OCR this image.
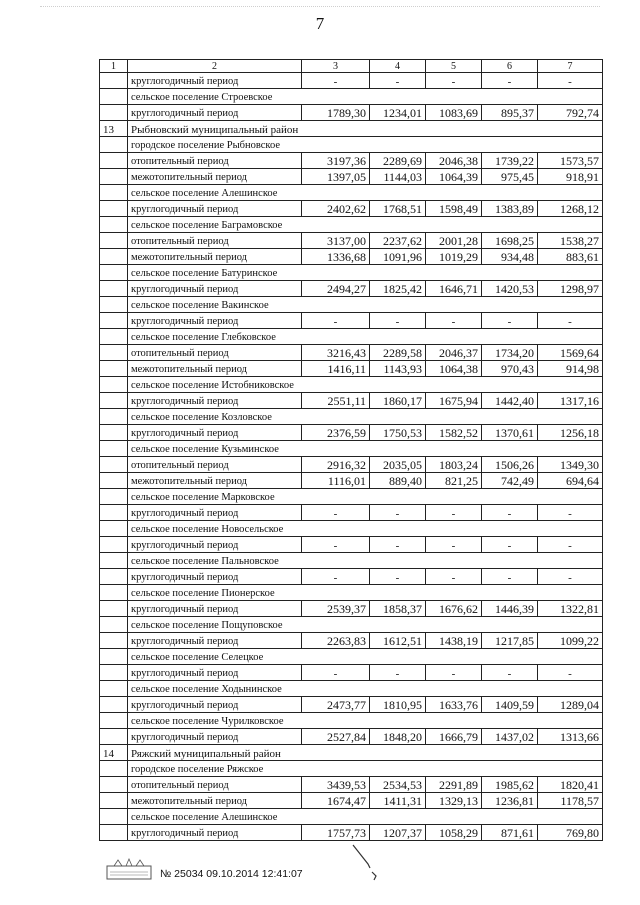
7
1	2	3	4	5	6	7
	круглогодичный период	-	-	-	-	-
	сельское поселение Строевское					
	круглогодичный период	1789,30	1234,01	1083,69	895,37	792,74
13	Рыбновский муниципальный район					
	городское поселение Рыбновское					
	отопительный период	3197,36	2289,69	2046,38	1739,22	1573,57
	межотопительный период	1397,05	1144,03	1064,39	975,45	918,91
	сельское поселение Алешинское					
	круглогодичный период	2402,62	1768,51	1598,49	1383,89	1268,12
	сельское поселение Баграмовское					
	отопительный период	3137,00	2237,62	2001,28	1698,25	1538,27
	межотопительный период	1336,68	1091,96	1019,29	934,48	883,61
	сельское поселение Батуринское					
	круглогодичный период	2494,27	1825,42	1646,71	1420,53	1298,97
	сельское поселение Вакинское					
	круглогодичный период	-	-	-	-	-
	сельское поселение Глебковское					
	отопительный период	3216,43	2289,58	2046,37	1734,20	1569,64
	межотопительный период	1416,11	1143,93	1064,38	970,43	914,98
	сельское поселение Истобниковское					
	круглогодичный период	2551,11	1860,17	1675,94	1442,40	1317,16
	сельское поселение Козловское					
	круглогодичный период	2376,59	1750,53	1582,52	1370,61	1256,18
	сельское поселение Кузьминское					
	отопительный период	2916,32	2035,05	1803,24	1506,26	1349,30
	межотопительный период	1116,01	889,40	821,25	742,49	694,64
	сельское поселение Марковское					
	круглогодичный период	-	-	-	-	-
	сельское поселение Новосельское					
	круглогодичный период	-	-	-	-	-
	сельское поселение Пальновское					
	круглогодичный период	-	-	-	-	-
	сельское поселение Пионерское					
	круглогодичный период	2539,37	1858,37	1676,62	1446,39	1322,81
	сельское поселение Пощуповское					
	круглогодичный период	2263,83	1612,51	1438,19	1217,85	1099,22
	сельское поселение Селецкое					
	круглогодичный период	-	-	-	-	-
	сельское поселение Ходынинское					
	круглогодичный период	2473,77	1810,95	1633,76	1409,59	1289,04
	сельское поселение Чурилковское					
	круглогодичный период	2527,84	1848,20	1666,79	1437,02	1313,66
14	Ряжский муниципальный район					
	городское поселение Ряжское					
	отопительный период	3439,53	2534,53	2291,89	1985,62	1820,41
	межотопительный период	1674,47	1411,31	1329,13	1236,81	1178,57
	сельское поселение Алешинское					
	круглогодичный период	1757,73	1207,37	1058,29	871,61	769,80
№ 25034 09.10.2014 12:41:07
